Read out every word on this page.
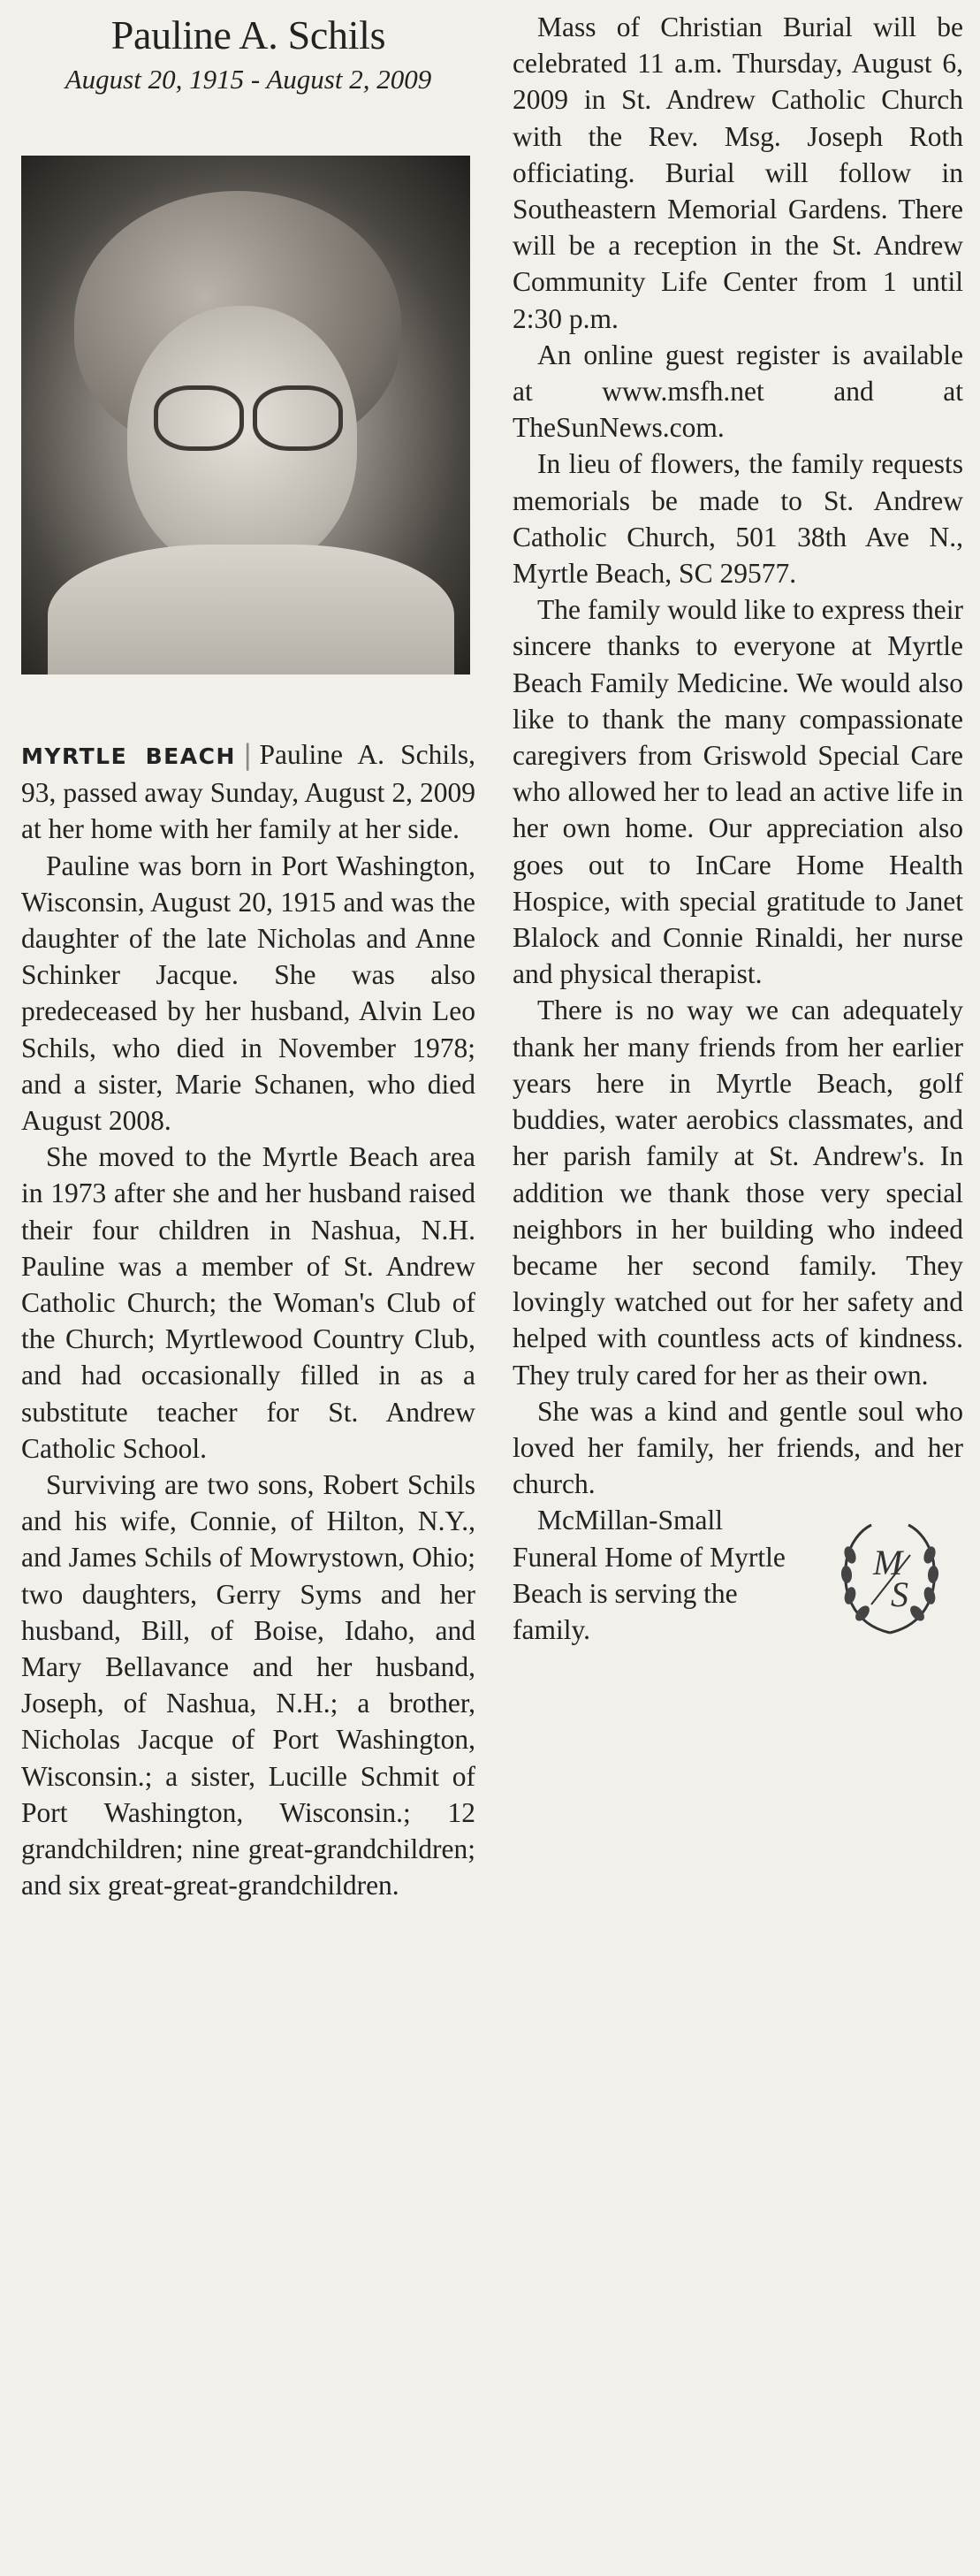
Pauline A. Schils
August 20, 1915 - August 2, 2009

MYRTLE BEACH | Pauline A. Schils, 93, passed away Sunday, August 2, 2009 at her home with her family at her side.

Pauline was born in Port Washington, Wisconsin, August 20, 1915 and was the daughter of the late Nicholas and Anne Schinker Jacque. She was also predeceased by her husband, Alvin Leo Schils, who died in November 1978; and a sister, Marie Schanen, who died August 2008.

She moved to the Myrtle Beach area in 1973 after she and her husband raised their four children in Nashua, N.H. Pauline was a member of St. Andrew Catholic Church; the Woman's Club of the Church; Myrtlewood Country Club, and had occasionally filled in as a substitute teacher for St. Andrew Catholic School.

Surviving are two sons, Robert Schils and his wife, Connie, of Hilton, N.Y., and James Schils of Mowrystown, Ohio; two daughters, Gerry Syms and her husband, Bill, of Boise, Idaho, and Mary Bellavance and her husband, Joseph, of Nashua, N.H.; a brother, Nicholas Jacque of Port Washington, Wisconsin.; a sister, Lucille Schmit of Port Washington, Wisconsin.; 12 grandchildren; nine great-grandchildren; and six great-great-grandchildren.

Mass of Christian Burial will be celebrated 11 a.m. Thursday, August 6, 2009 in St. Andrew Catholic Church with the Rev. Msg. Joseph Roth officiating. Burial will follow in Southeastern Memorial Gardens. There will be a reception in the St. Andrew Community Life Center from 1 until 2:30 p.m.

An online guest register is available at www.msfh.net and at TheSunNews.com.

In lieu of flowers, the family requests memorials be made to St. Andrew Catholic Church, 501 38th Ave N., Myrtle Beach, SC 29577.

The family would like to express their sincere thanks to everyone at Myrtle Beach Family Medicine. We would also like to thank the many compassionate caregivers from Griswold Special Care who allowed her to lead an active life in her own home. Our appreciation also goes out to InCare Home Health Hospice, with special gratitude to Janet Blalock and Connie Rinaldi, her nurse and physical therapist.

There is no way we can adequately thank her many friends from her earlier years here in Myrtle Beach, golf buddies, water aerobics classmates, and her parish family at St. Andrew's. In addition we thank those very special neighbors in her building who indeed became her second family. They lovingly watched out for her safety and helped with countless acts of kindness. They truly cared for her as their own.

She was a kind and gentle soul who loved her family, her friends, and her church.

McMillan-Small Funeral Home of Myrtle Beach is serving the family.

M
S
